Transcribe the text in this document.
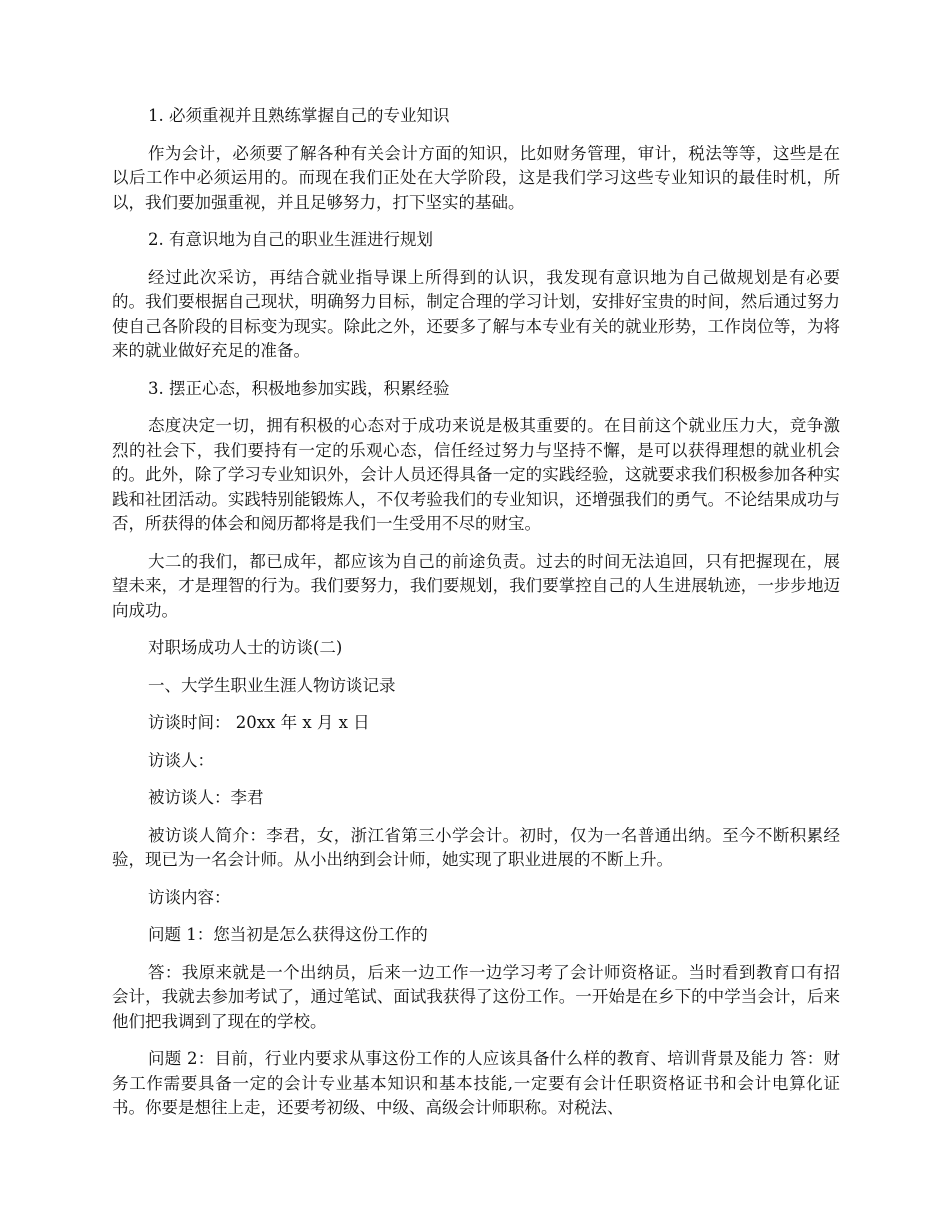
1. 必须重视并且熟练掌握自己的专业知识

作为会计，必须要了解各种有关会计方面的知识，比如财务管理，审计，税法等等，这些是在以后工作中必须运用的。而现在我们正处在大学阶段，这是我们学习这些专业知识的最佳时机，所以，我们要加强重视，并且足够努力，打下坚实的基础。

2. 有意识地为自己的职业生涯进行规划

经过此次采访，再结合就业指导课上所得到的认识，我发现有意识地为自己做规划是有必要的。我们要根据自己现状，明确努力目标，制定合理的学习计划，安排好宝贵的时间，然后通过努力使自己各阶段的目标变为现实。除此之外，还要多了解与本专业有关的就业形势，工作岗位等，为将来的就业做好充足的准备。

3. 摆正心态，积极地参加实践，积累经验

态度决定一切，拥有积极的心态对于成功来说是极其重要的。在目前这个就业压力大，竞争激烈的社会下，我们要持有一定的乐观心态，信任经过努力与坚持不懈，是可以获得理想的就业机会的。此外，除了学习专业知识外，会计人员还得具备一定的实践经验，这就要求我们积极参加各种实践和社团活动。实践特别能锻炼人，不仅考验我们的专业知识，还增强我们的勇气。不论结果成功与否，所获得的体会和阅历都将是我们一生受用不尽的财宝。

大二的我们，都已成年，都应该为自己的前途负责。过去的时间无法追回，只有把握现在，展望未来，才是理智的行为。我们要努力，我们要规划，我们要掌控自己的人生进展轨迹，一步步地迈向成功。

对职场成功人士的访谈(二)

一、大学生职业生涯人物访谈记录

访谈时间： 20xx 年 x 月 x 日

访谈人：

被访谈人：李君

被访谈人简介：李君，女，浙江省第三小学会计。初时，仅为一名普通出纳。至今不断积累经验，现已为一名会计师。从小出纳到会计师，她实现了职业进展的不断上升。

访谈内容：

问题 1：您当初是怎么获得这份工作的

答：我原来就是一个出纳员，后来一边工作一边学习考了会计师资格证。当时看到教育口有招会计，我就去参加考试了，通过笔试、面试我获得了这份工作。一开始是在乡下的中学当会计，后来他们把我调到了现在的学校。

问题 2：目前，行业内要求从事这份工作的人应该具备什么样的教育、培训背景及能力 答：财务工作需要具备一定的会计专业基本知识和基本技能,一定要有会计任职资格证书和会计电算化证书。你要是想往上走，还要考初级、中级、高级会计师职称。对税法、
